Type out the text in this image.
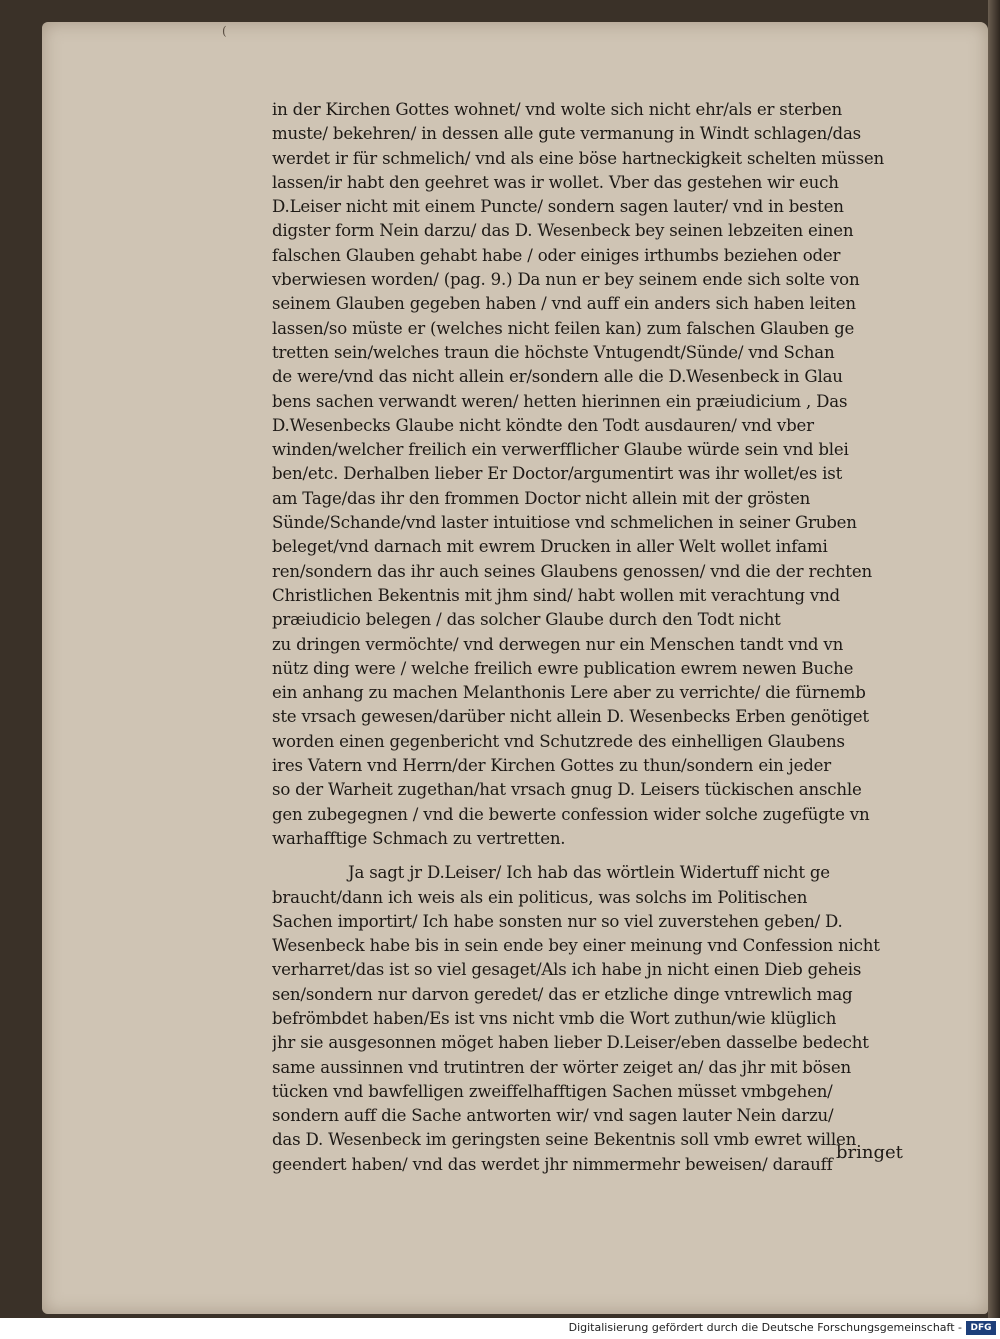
(
in der Kirchen Gottes wohnet/ vnd wolte sich nicht ehr/als er sterben
muste/ bekehren/ in dessen alle gute vermanung in Windt schlagen/das
werdet ir für schmelich/ vnd als eine böse hartneckigkeit schelten müssen
lassen/ir habt den geehret was ir wollet. Vber das gestehen wir euch
D.Leiser nicht mit einem Puncte/ sondern sagen lauter/ vnd in besten
digster form Nein darzu/ das D. Wesenbeck bey seinen lebzeiten einen
falschen Glauben gehabt habe / oder einiges irthumbs beziehen oder
vberwiesen worden/ (pag. 9.) Da nun er bey seinem ende sich solte von
seinem Glauben gegeben haben / vnd auff ein anders sich haben leiten
lassen/so müste er (welches nicht feilen kan) zum falschen Glauben ge
tretten sein/welches traun die höchste Vntugendt/Sünde/ vnd Schan
de were/vnd das nicht allein er/sondern alle die D.Wesenbeck in Glau
bens sachen verwandt weren/ hetten hierinnen ein præiudicium , Das
D.Wesenbecks Glaube nicht köndte den Todt ausdauren/ vnd vber
winden/welcher freilich ein verwerfflicher Glaube würde sein vnd blei
ben/etc. Derhalben lieber Er Doctor/argumentirt was ihr wollet/es ist
am Tage/das ihr den frommen Doctor nicht allein mit der grösten
Sünde/Schande/vnd laster intuitiose vnd schmelichen in seiner Gruben
beleget/vnd darnach mit ewrem Drucken in aller Welt wollet infami
ren/sondern das ihr auch seines Glaubens genossen/ vnd die der rechten
Christlichen Bekentnis mit jhm sind/ habt wollen mit verachtung vnd
præiudicio belegen / das solcher Glaube durch den Todt nicht
zu dringen vermöchte/ vnd derwegen nur ein Menschen tandt vnd vn
nütz ding were / welche freilich ewre publication ewrem newen Buche
ein anhang zu machen Melanthonis Lere aber zu verrichte/ die fürnemb
ste vrsach gewesen/darüber nicht allein D. Wesenbecks Erben genötiget
worden einen gegenbericht vnd Schutzrede des einhelligen Glaubens
ires Vatern vnd Herrn/der Kirchen Gottes zu thun/sondern ein jeder
so der Warheit zugethan/hat vrsach gnug D. Leisers tückischen anschle
gen zubegegnen / vnd die bewerte confession wider solche zugefügte vn
warhafftige Schmach zu vertretten.
Ja sagt jr D.Leiser/ Ich hab das wörtlein Widertuff nicht ge
braucht/dann ich weis als ein politicus, was solchs im Politischen
Sachen importirt/ Ich habe sonsten nur so viel zuverstehen geben/ D.
Wesenbeck habe bis in sein ende bey einer meinung vnd Confession nicht
verharret/das ist so viel gesaget/Als ich habe jn nicht einen Dieb geheis
sen/sondern nur darvon geredet/ das er etzliche dinge vntrewlich mag
befrömbdet haben/Es ist vns nicht vmb die Wort zuthun/wie klüglich
jhr sie ausgesonnen möget haben lieber D.Leiser/eben dasselbe bedecht
same aussinnen vnd trutintren der wörter zeiget an/ das jhr mit bösen
tücken vnd bawfelligen zweiffelhafftigen Sachen müsset vmbgehen/
sondern auff die Sache antworten wir/ vnd sagen lauter Nein darzu/
das D. Wesenbeck im geringsten seine Bekentnis soll vmb ewret willen
geendert haben/ vnd das werdet jhr nimmermehr beweisen/ darauff
bringet
Digitalisierung gefördert durch die Deutsche Forschungsgemeinschaft - DFG
